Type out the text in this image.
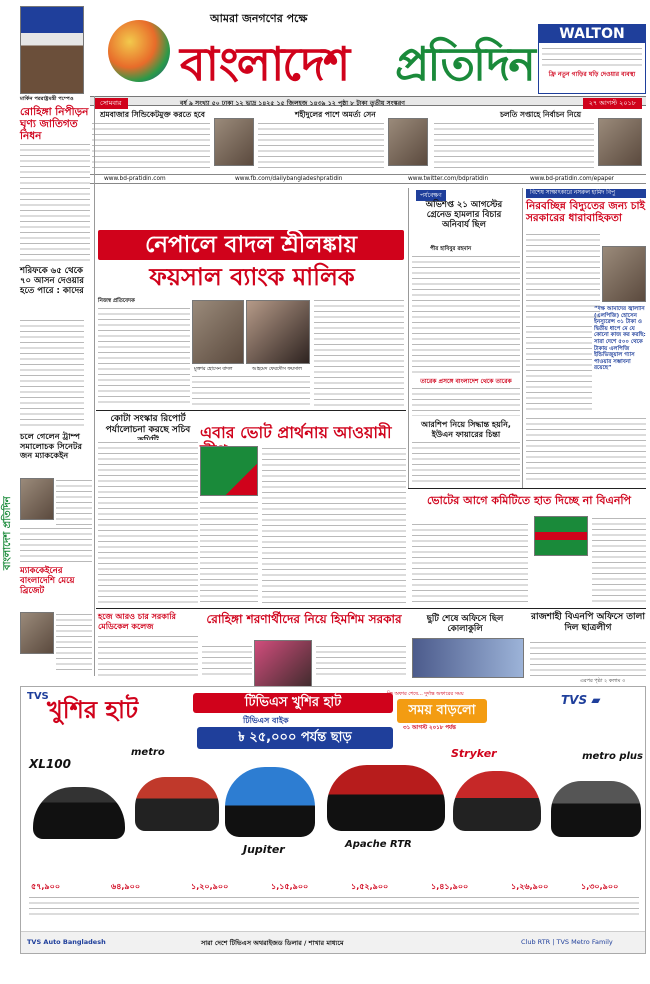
আমরা জনগণের পক্ষে
বাংলাদেশ প্রতিদিন
WALTON
ফ্রি নতুন গাড়ির ঘড়ি দেওয়ার ব্যবস্থা
সোমবার	বর্ষ ৯ সংখ্যা ৫০ ঢাকা ১২ ভাদ্র ১৪২৫ ১৫ জিলহজ ১৪৩৯ ১২ পৃষ্ঠা ৮ টাকা তৃতীয় সংস্করণ	২৭ আগস্ট ২০১৮
মার্কিন পররাষ্ট্রমন্ত্রী পম্পেও
রোহিঙ্গা নিপীড়ন ঘৃণ্য জাতিগত নিধন
শ্রমবাজার সিন্ডিকেটমুক্ত করতে হবে	শহীদুলের পাশে অমর্ত্য সেন	চলতি সপ্তাহে নির্বাচন নিয়ে
www.bd-pratidin.com	www.fb.com/dailybangladeshpratidin	www.twitter.com/bdpratidin	www.bd-pratidin.com/epaper
শরিফকে ৬৫ থেকে ৭০ আসন দেওয়ার হতে পারে : কাদের
বাংলাদেশ প্রতিদিন
চলে গেলেন ট্রাম্প সমালোচক সিনেটর জন ম্যাককেইন
ম্যাককেইনের বাংলাদেশি মেয়ে ব্রিজেট
নেপালে বাদল শ্রীলঙ্কায়
ফয়সাল ব্যাংক মালিক
নিজস্ব প্রতিবেদক
মুক্তার হোসেন বাদল	আহমেদ ফেরদৌস ফয়সাল
পর্যবেক্ষণ
অভিশপ্ত ২১ আগস্টের গ্রেনেড হামলার বিচার অনিবার্য ছিল
পীর হাবিবুর রহমান
তারেক প্রসঙ্গে বাংলাদেশ থেকে তারেক
আরশিপ নিয়ে সিদ্ধান্ত হয়নি, ইউএন ফায়ারের চিন্তা
বিশেষ সাক্ষাৎকারে নসরুল হামিদ বিপু
নিরবচ্ছিন্ন বিদ্যুতের জন্য চাই সরকারের ধারাবাহিকতা
“দক্ষ আমাদের জ্বালানি (এলপিজি) হোসেন ইনস্যুরেন্স ৩১ টাকা ও দ্বিতীয় ধাপে মে যে কোনো কাজ কর করছি: সারা দেশে ৫০০ থেকে টাকায় এলপিজি ইন্ডিভিজুয়াল গ্যাস পাওয়ার সম্ভাবনা রয়েছে”
কোটা সংস্কার রিপোর্ট পর্যালোচনা করছে সচিব এবার ভোট প্রার্থনায় আওয়ামী
ভোটের আগে কমিটিতে হাত দিচ্ছে না বিএনপি
হজে আরও চার সরকারি মেডিকেল কলেজ	রোহিঙ্গা শরণার্থীদের নিয়ে হিমশিম সরকার	ছুটি শেষে অফিসে ছিল কোলাকুলি
রাজশাহী বিএনপি অফিসে তালা দিল ছাত্রলীগ
এরপর পৃষ্ঠা ২ কলাম ৩
TVS
খুশির হাট	টিভিএস খুশির হাট
টিভিএস বাইক
৳ ২৫,০০০ পর্যন্ত ছাড়
ফ্রি অফার শেষে... দুর্দান্ত অফারের সময়
সময় বাড়লো
৩১ আগস্ট ২০১৮ পর্যন্ত
TVS ▰
XL100
metro
Jupiter	Apache RTR
Stryker	metro plus
৫৭,৯০০	৬৪,৯০০	১,২০,৯০০	১,১৫,৯০০	১,৫২,৯০০	১,৪১,৯০০	১,২৬,৯০০	১,৩০,৯০০
TVS Auto Bangladesh	সারা দেশে টিভিএস অথরাইজড ডিলার / শাখার মাধ্যমে	Club RTR | TVS Metro Family
